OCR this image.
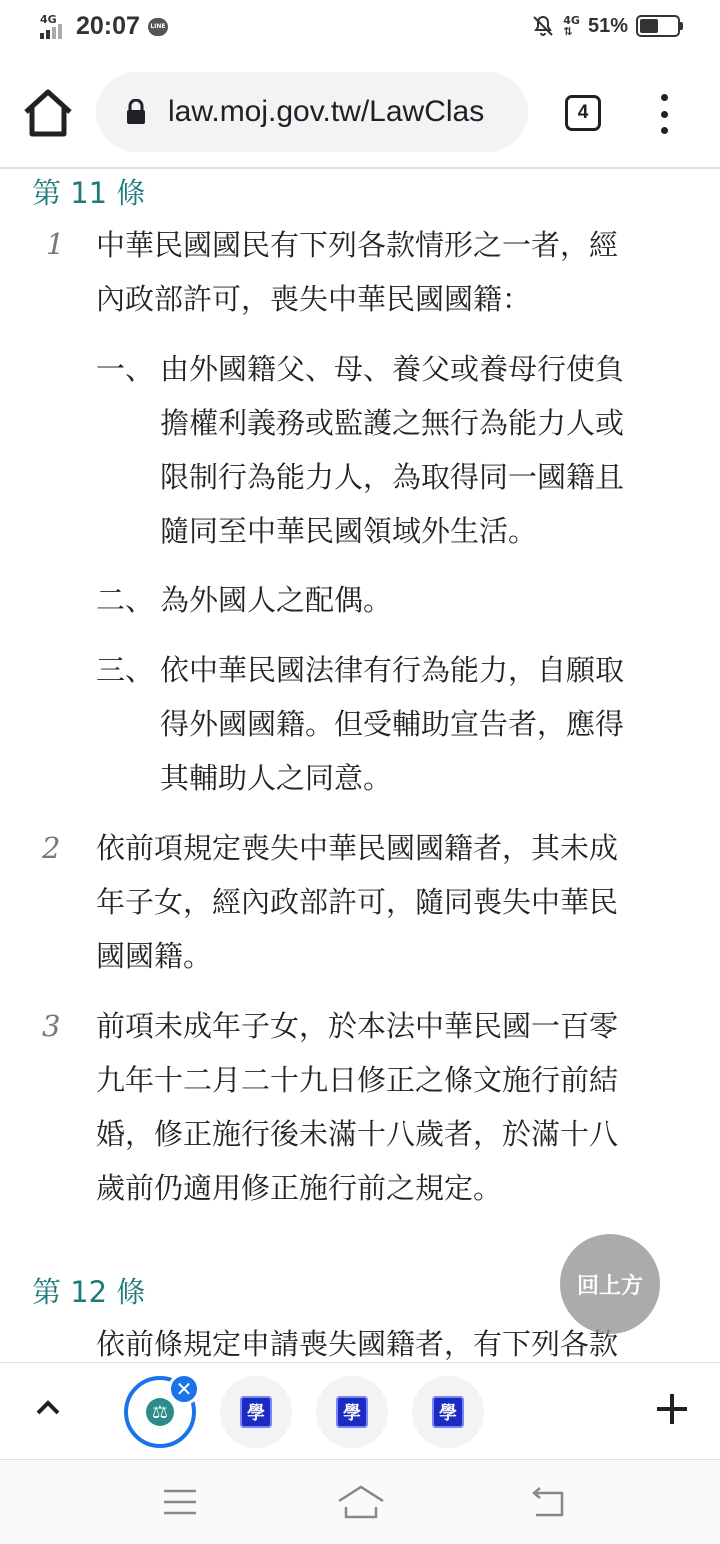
4G 20:07	LINE	4G
⇅ 51%
law.moj.gov.tw/LawClas	4
第 11 條
1 中華民國國民有下列各款情形之一者，經
內政部許可，喪失中華民國國籍：
一、 由外國籍父、母、養父或養母行使負
擔權利義務或監護之無行為能力人或
限制行為能力人，為取得同一國籍且
隨同至中華民國領域外生活。
二、 為外國人之配偶。
三、 依中華民國法律有行為能力，自願取
得外國國籍。但受輔助宣告者，應得
其輔助人之同意。
2 依前項規定喪失中華民國國籍者，其未成
年子女，經內政部許可，隨同喪失中華民
國國籍。
3 前項未成年子女，於本法中華民國一百零
九年十二月二十九日修正之條文施行前結
婚，修正施行後未滿十八歲者，於滿十八
歲前仍適用修正施行前之規定。
第 12 條
依前條規定申請喪失國籍者，有下列各款
回上方
⚖
✕
學	學	學
